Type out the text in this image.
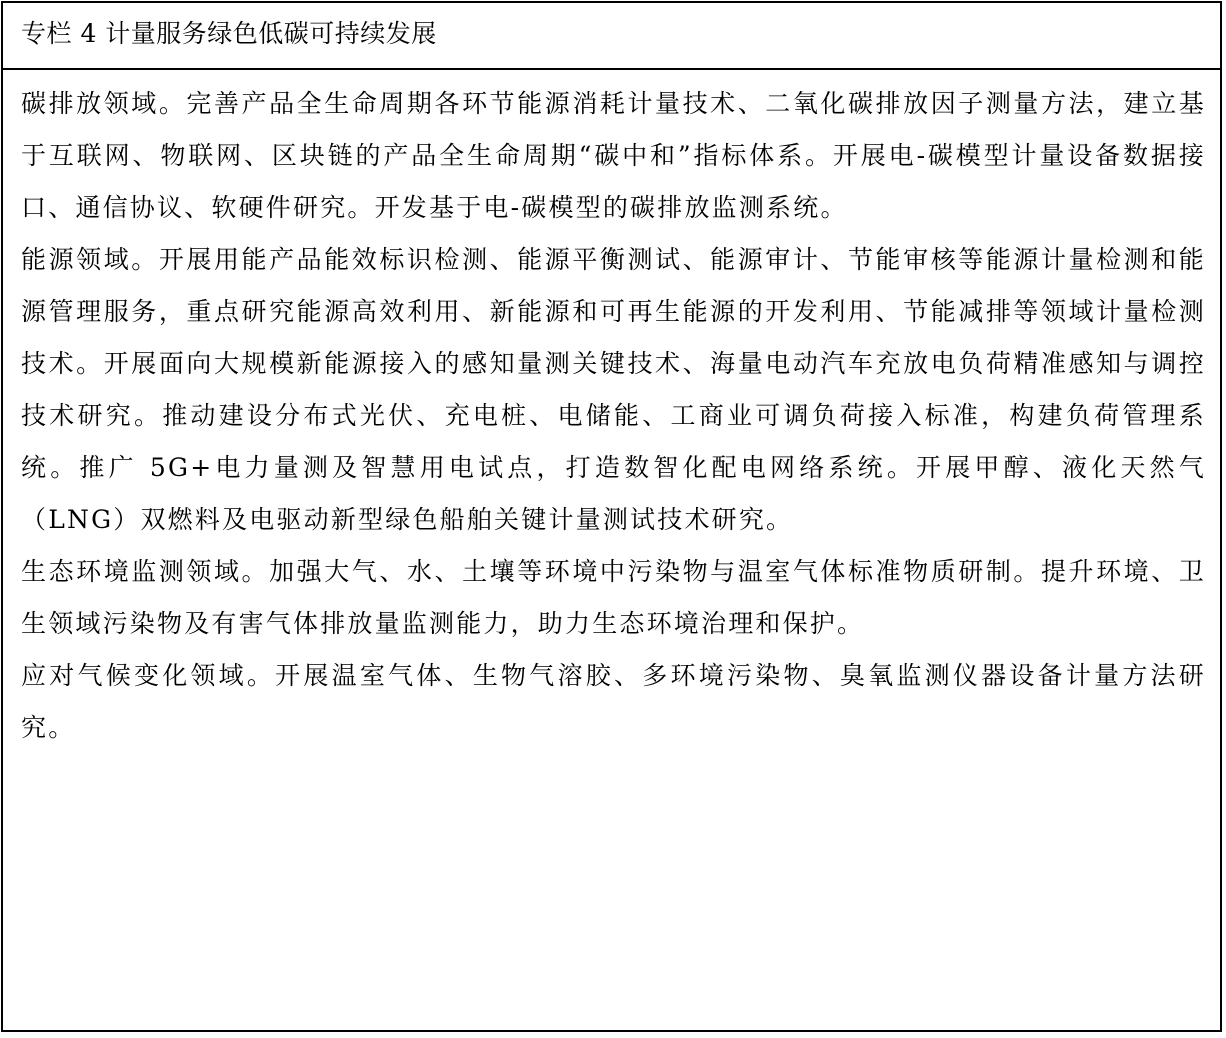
专栏 4 计量服务绿色低碳可持续发展

碳排放领域。完善产品全生命周期各环节能源消耗计量技术、二氧化碳排放因子测量方法，建立基于互联网、物联网、区块链的产品全生命周期“碳中和”指标体系。开展电-碳模型计量设备数据接口、通信协议、软硬件研究。开发基于电-碳模型的碳排放监测系统。

能源领域。开展用能产品能效标识检测、能源平衡测试、能源审计、节能审核等能源计量检测和能源管理服务，重点研究能源高效利用、新能源和可再生能源的开发利用、节能减排等领域计量检测技术。开展面向大规模新能源接入的感知量测关键技术、海量电动汽车充放电负荷精准感知与调控技术研究。推动建设分布式光伏、充电桩、电储能、工商业可调负荷接入标准，构建负荷管理系统。推广 5G+电力量测及智慧用电试点，打造数智化配电网络系统。开展甲醇、液化天然气（LNG）双燃料及电驱动新型绿色船舶关键计量测试技术研究。

生态环境监测领域。加强大气、水、土壤等环境中污染物与温室气体标准物质研制。提升环境、卫生领域污染物及有害气体排放量监测能力，助力生态环境治理和保护。

应对气候变化领域。开展温室气体、生物气溶胶、多环境污染物、臭氧监测仪器设备计量方法研究。
